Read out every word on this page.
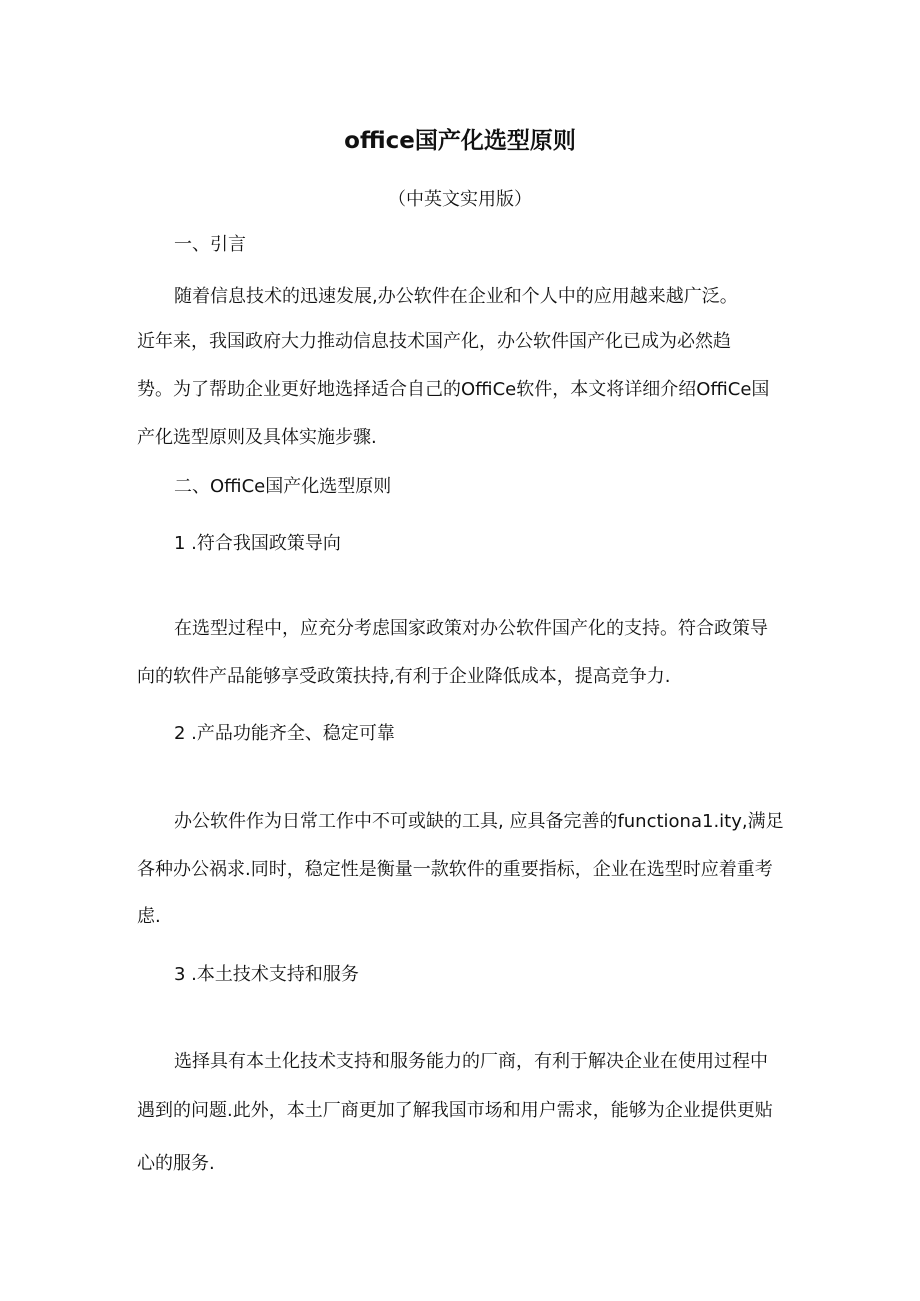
office国产化选型原则

（中英文实用版）

一、引言

随着信息技术的迅速发展,办公软件在企业和个人中的应用越来越广泛。

近年来，我国政府大力推动信息技术国产化，办公软件国产化已成为必然趋

势。为了帮助企业更好地选择适合自己的OffiCe软件，本文将详细介绍OffiCe国

产化选型原则及具体实施步骤.

二、OffiCe国产化选型原则

1 .符合我国政策导向

在选型过程中，应充分考虑国家政策对办公软件国产化的支持。符合政策导

向的软件产品能够享受政策扶持,有利于企业降低成本，提高竞争力.

2 .产品功能齐全、稳定可靠

办公软件作为日常工作中不可或缺的工具, 应具备完善的functiona1.ity,满足

各种办公祸求.同时，稳定性是衡量一款软件的重要指标，企业在选型时应着重考

虑.

3 .本土技术支持和服务

选择具有本土化技术支持和服务能力的厂商，有利于解决企业在使用过程中

遇到的问题.此外，本土厂商更加了解我国市场和用户需求，能够为企业提供更贴

心的服务.
